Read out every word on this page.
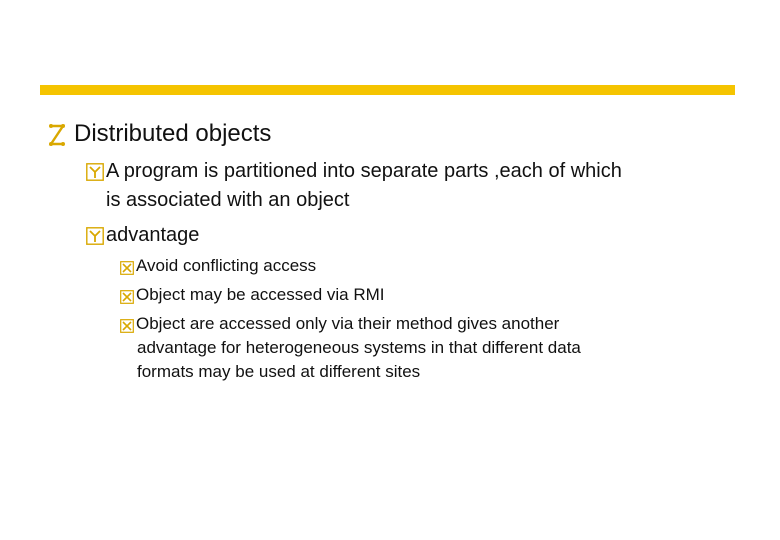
Distributed objects
A program is partitioned into separate parts ,each of which
is associated with an object
advantage
Avoid conflicting access
Object may be accessed via RMI
Object are accessed only via their method gives another
advantage for heterogeneous systems in that different data
formats may be used at different sites
